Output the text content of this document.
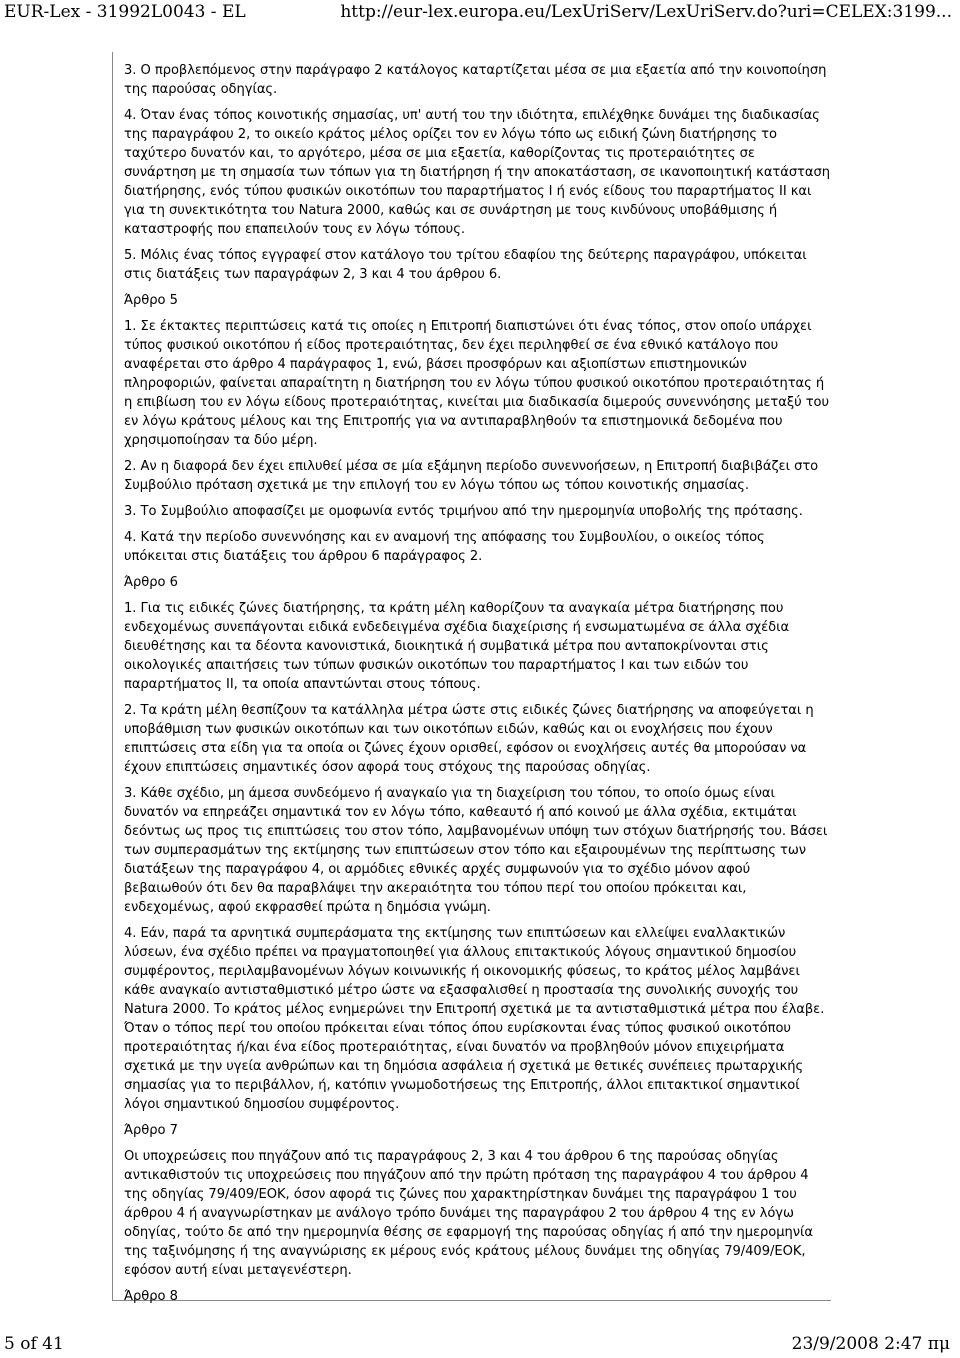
EUR-Lex - 31992L0043 - EL	http://eur-lex.europa.eu/LexUriServ/LexUriServ.do?uri=CELEX:3199...

3. Ο προβλεπόμενος στην παράγραφο 2 κατάλογος καταρτίζεται μέσα σε μια εξαετία από την κοινοποίηση της παρούσας οδηγίας.

4. Όταν ένας τόπος κοινοτικής σημασίας, υπ' αυτή του την ιδιότητα, επιλέχθηκε δυνάμει της διαδικασίας της παραγράφου 2, το οικείο κράτος μέλος ορίζει τον εν λόγω τόπο ως ειδική ζώνη διατήρησης το ταχύτερο δυνατόν και, το αργότερο, μέσα σε μια εξαετία, καθορίζοντας τις προτεραιότητες σε συνάρτηση με τη σημασία των τόπων για τη διατήρηση ή την αποκατάσταση, σε ικανοποιητική κατάσταση διατήρησης, ενός τύπου φυσικών οικοτόπων του παραρτήματος I ή ενός είδους του παραρτήματος II και για τη συνεκτικότητα του Natura 2000, καθώς και σε συνάρτηση με τους κινδύνους υποβάθμισης ή καταστροφής που επαπειλούν τους εν λόγω τόπους.

5. Μόλις ένας τόπος εγγραφεί στον κατάλογο του τρίτου εδαφίου της δεύτερης παραγράφου, υπόκειται στις διατάξεις των παραγράφων 2, 3 και 4 του άρθρου 6.

Άρθρο 5

1. Σε έκτακτες περιπτώσεις κατά τις οποίες η Επιτροπή διαπιστώνει ότι ένας τόπος, στον οποίο υπάρχει τύπος φυσικού οικοτόπου ή είδος προτεραιότητας, δεν έχει περιληφθεί σε ένα εθνικό κατάλογο που αναφέρεται στο άρθρο 4 παράγραφος 1, ενώ, βάσει προσφόρων και αξιοπίστων επιστημονικών πληροφοριών, φαίνεται απαραίτητη η διατήρηση του εν λόγω τύπου φυσικού οικοτόπου προτεραιότητας ή η επιβίωση του εν λόγω είδους προτεραιότητας, κινείται μια διαδικασία διμερούς συνεννόησης μεταξύ του εν λόγω κράτους μέλους και της Επιτροπής για να αντιπαραβληθούν τα επιστημονικά δεδομένα που χρησιμοποίησαν τα δύο μέρη.

2. Αν η διαφορά δεν έχει επιλυθεί μέσα σε μία εξάμηνη περίοδο συνεννοήσεων, η Επιτροπή διαβιβάζει στο Συμβούλιο πρόταση σχετικά με την επιλογή του εν λόγω τόπου ως τόπου κοινοτικής σημασίας.

3. Το Συμβούλιο αποφασίζει με ομοφωνία εντός τριμήνου από την ημερομηνία υποβολής της πρότασης.

4. Κατά την περίοδο συνεννόησης και εν αναμονή της απόφασης του Συμβουλίου, ο οικείος τόπος υπόκειται στις διατάξεις του άρθρου 6 παράγραφος 2.

Άρθρο 6

1. Για τις ειδικές ζώνες διατήρησης, τα κράτη μέλη καθορίζουν τα αναγκαία μέτρα διατήρησης που ενδεχομένως συνεπάγονται ειδικά ενδεδειγμένα σχέδια διαχείρισης ή ενσωματωμένα σε άλλα σχέδια διευθέτησης και τα δέοντα κανονιστικά, διοικητικά ή συμβατικά μέτρα που ανταποκρίνονται στις οικολογικές απαιτήσεις των τύπων φυσικών οικοτόπων του παραρτήματος I και των ειδών του παραρτήματος II, τα οποία απαντώνται στους τόπους.

2. Τα κράτη μέλη θεσπίζουν τα κατάλληλα μέτρα ώστε στις ειδικές ζώνες διατήρησης να αποφεύγεται η υποβάθμιση των φυσικών οικοτόπων και των οικοτόπων ειδών, καθώς και οι ενοχλήσεις που έχουν επιπτώσεις στα είδη για τα οποία οι ζώνες έχουν ορισθεί, εφόσον οι ενοχλήσεις αυτές θα μπορούσαν να έχουν επιπτώσεις σημαντικές όσον αφορά τους στόχους της παρούσας οδηγίας.

3. Κάθε σχέδιο, μη άμεσα συνδεόμενο ή αναγκαίο για τη διαχείριση του τόπου, το οποίο όμως είναι δυνατόν να επηρεάζει σημαντικά τον εν λόγω τόπο, καθεαυτό ή από κοινού με άλλα σχέδια, εκτιμάται δεόντως ως προς τις επιπτώσεις του στον τόπο, λαμβανομένων υπόψη των στόχων διατήρησής του. Βάσει των συμπερασμάτων της εκτίμησης των επιπτώσεων στον τόπο και εξαιρουμένων της περίπτωσης των διατάξεων της παραγράφου 4, οι αρμόδιες εθνικές αρχές συμφωνούν για το σχέδιο μόνον αφού βεβαιωθούν ότι δεν θα παραβλάψει την ακεραιότητα του τόπου περί του οποίου πρόκειται και, ενδεχομένως, αφού εκφρασθεί πρώτα η δημόσια γνώμη.

4. Εάν, παρά τα αρνητικά συμπεράσματα της εκτίμησης των επιπτώσεων και ελλείψει εναλλακτικών λύσεων, ένα σχέδιο πρέπει να πραγματοποιηθεί για άλλους επιτακτικούς λόγους σημαντικού δημοσίου συμφέροντος, περιλαμβανομένων λόγων κοινωνικής ή οικονομικής φύσεως, το κράτος μέλος λαμβάνει κάθε αναγκαίο αντισταθμιστικό μέτρο ώστε να εξασφαλισθεί η προστασία της συνολικής συνοχής του Natura 2000. Το κράτος μέλος ενημερώνει την Επιτροπή σχετικά με τα αντισταθμιστικά μέτρα που έλαβε.

Όταν ο τόπος περί του οποίου πρόκειται είναι τόπος όπου ευρίσκονται ένας τύπος φυσικού οικοτόπου προτεραιότητας ή/και ένα είδος προτεραιότητας, είναι δυνατόν να προβληθούν μόνον επιχειρήματα σχετικά με την υγεία ανθρώπων και τη δημόσια ασφάλεια ή σχετικά με θετικές συνέπειες πρωταρχικής σημασίας για το περιβάλλον, ή, κατόπιν γνωμοδοτήσεως της Επιτροπής, άλλοι επιτακτικοί σημαντικοί λόγοι σημαντικού δημοσίου συμφέροντος.

Άρθρο 7

Οι υποχρεώσεις που πηγάζουν από τις παραγράφους 2, 3 και 4 του άρθρου 6 της παρούσας οδηγίας αντικαθιστούν τις υποχρεώσεις που πηγάζουν από την πρώτη πρόταση της παραγράφου 4 του άρθρου 4 της οδηγίας 79/409/ΕΟΚ, όσον αφορά τις ζώνες που χαρακτηρίστηκαν δυνάμει της παραγράφου 1 του άρθρου 4 ή αναγνωρίστηκαν με ανάλογο τρόπο δυνάμει της παραγράφου 2 του άρθρου 4 της εν λόγω οδηγίας, τούτο δε από την ημερομηνία θέσης σε εφαρμογή της παρούσας οδηγίας ή από την ημερομηνία της ταξινόμησης ή της αναγνώρισης εκ μέρους ενός κράτους μέλους δυνάμει της οδηγίας 79/409/ΕΟΚ, εφόσον αυτή είναι μεταγενέστερη.

Άρθρο 8

5 of 41	23/9/2008 2:47 πμ
